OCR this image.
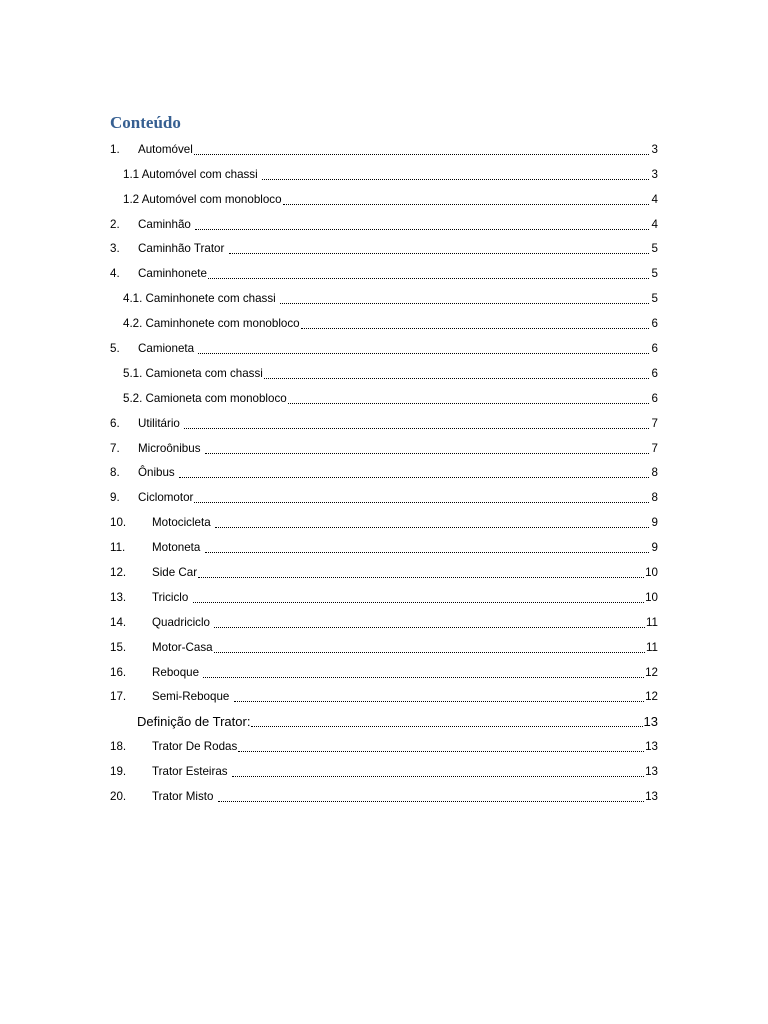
Conteúdo
1.	Automóvel	3
1.1 Automóvel com chassi	3
1.2 Automóvel com monobloco	4
2.	Caminhão	4
3.	Caminhão Trator	5
4.	Caminhonete	5
4.1. Caminhonete com chassi	5
4.2. Caminhonete com monobloco	6
5.	Camioneta	6
5.1. Camioneta com chassi	6
5.2. Camioneta com monobloco	6
6.	Utilitário	7
7.	Microônibus	7
8.	Ônibus	8
9.	Ciclomotor	8
10.	Motocicleta	9
11.	Motoneta	9
12.	Side Car	10
13.	Triciclo	10
14.	Quadriciclo	11
15.	Motor-Casa	11
16.	Reboque	12
17.	Semi-Reboque	12
Definição de Trator:	13
18.	Trator De Rodas	13
19.	Trator Esteiras	13
20.	Trator Misto	13
